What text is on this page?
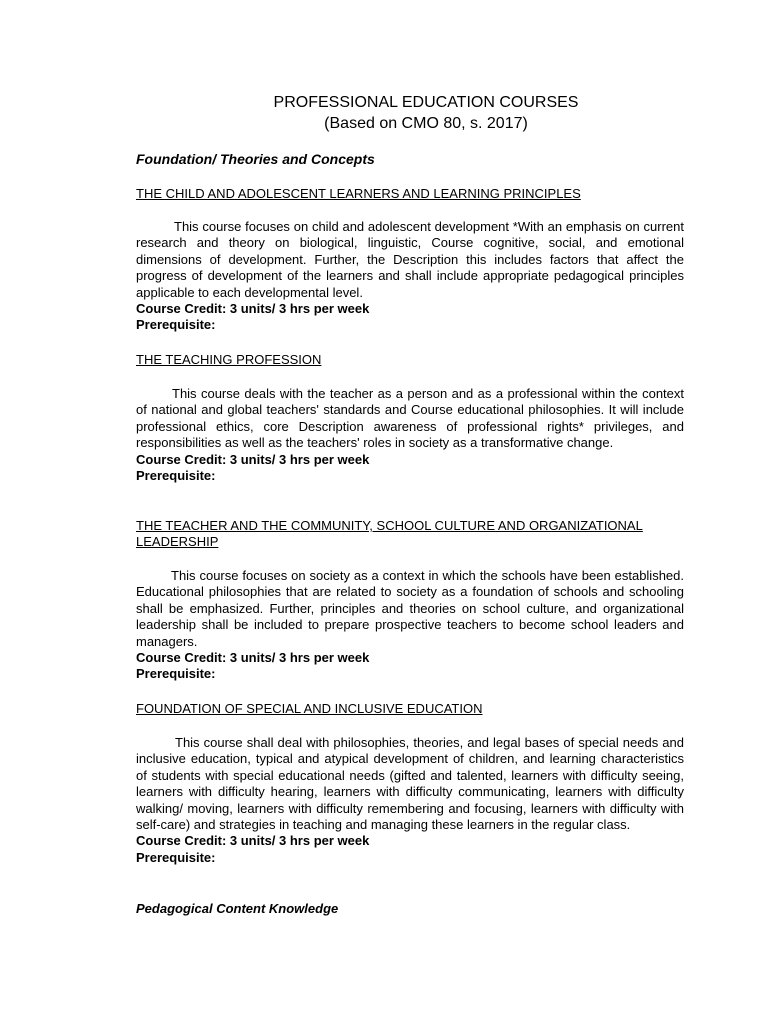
PROFESSIONAL EDUCATION COURSES
(Based on CMO 80, s. 2017)
Foundation/ Theories and Concepts
THE CHILD AND ADOLESCENT LEARNERS AND LEARNING PRINCIPLES

This course focuses on child and adolescent development *With an emphasis on current research and theory on biological, linguistic, Course cognitive, social, and emotional dimensions of development. Further, the Description this includes factors that affect the progress of development of the learners and shall include appropriate pedagogical principles applicable to each developmental level.
Course Credit: 3 units/ 3 hrs per week
Prerequisite:

THE TEACHING PROFESSION

This course deals with the teacher as a person and as a professional within the context of national and global teachers' standards and Course educational philosophies. It will include professional ethics, core Description awareness of professional rights* privileges, and responsibilities as well as the teachers' roles in society as a transformative change.
Course Credit: 3 units/ 3 hrs per week
Prerequisite:

THE TEACHER AND THE COMMUNITY, SCHOOL CULTURE AND ORGANIZATIONAL LEADERSHIP

This course focuses on society as a context in which the schools have been established. Educational philosophies that are related to society as a foundation of schools and schooling shall be emphasized. Further, principles and theories on school culture, and organizational leadership shall be included to prepare prospective teachers to become school leaders and managers.
Course Credit: 3 units/ 3 hrs per week
Prerequisite:

FOUNDATION OF SPECIAL AND INCLUSIVE EDUCATION

This course shall deal with philosophies, theories, and legal bases of special needs and inclusive education, typical and atypical development of children, and learning characteristics of students with special educational needs (gifted and talented, learners with difficulty seeing, learners with difficulty hearing, learners with difficulty communicating, learners with difficulty walking/ moving, learners with difficulty remembering and focusing, learners with difficulty with self-care) and strategies in teaching and managing these learners in the regular class.
Course Credit: 3 units/ 3 hrs per week
Prerequisite:

Pedagogical Content Knowledge
